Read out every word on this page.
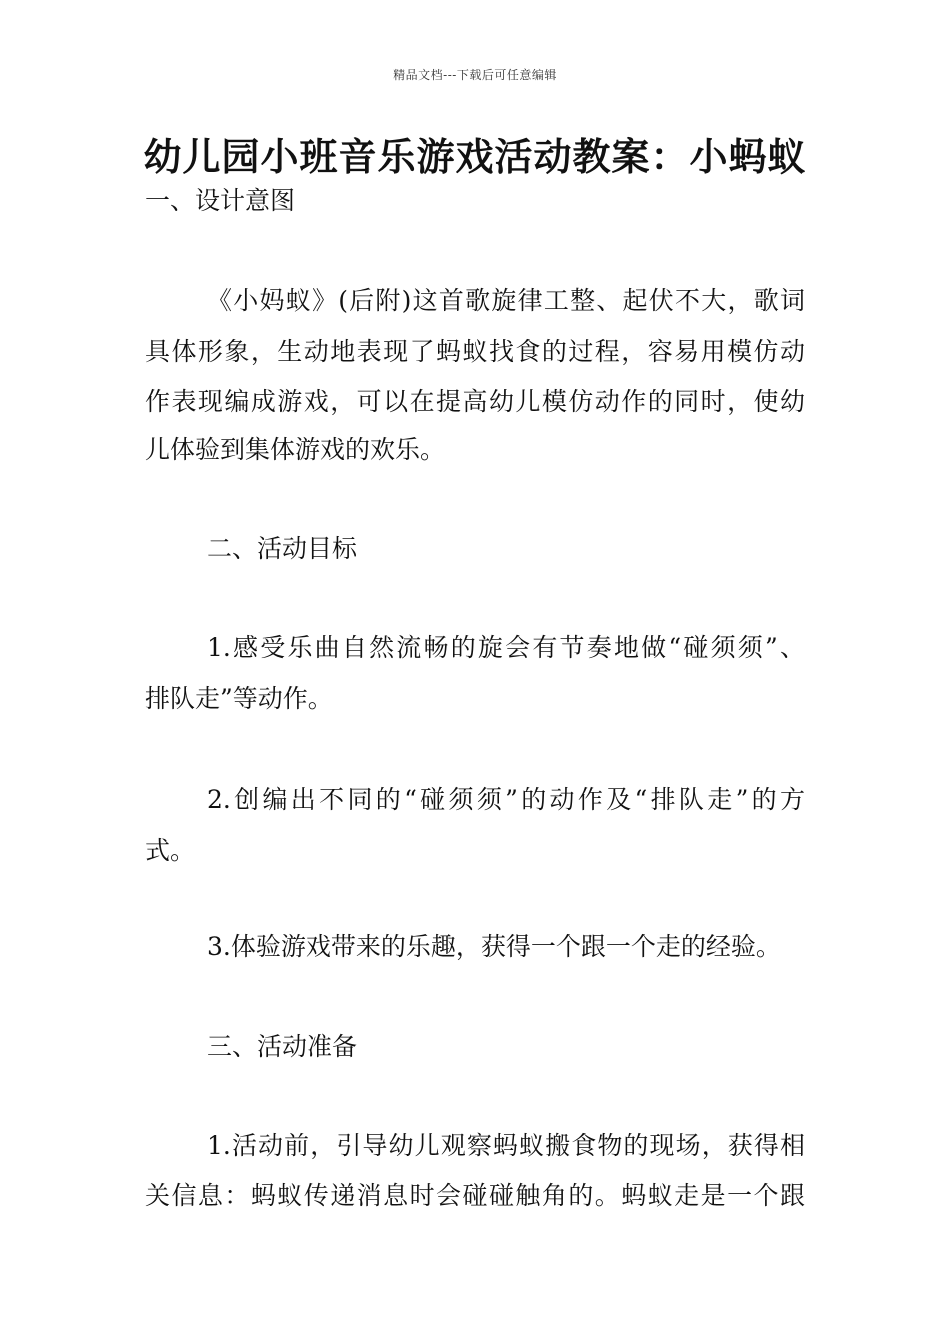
精品文档---下载后可任意编辑
幼儿园小班音乐游戏活动教案：小蚂蚁
一、设计意图
《小妈蚁》(后附)这首歌旋律工整、起伏不大，歌词
具体形象，生动地表现了蚂蚁找食的过程，容易用模仿动
作表现编成游戏，可以在提高幼儿模仿动作的同时，使幼
儿体验到集体游戏的欢乐。
二、活动目标
1.感受乐曲自然流畅的旋会有节奏地做“碰须须”、
排队走”等动作。
2.创编出不同的“碰须须”的动作及“排队走”的方
式。
3.体验游戏带来的乐趣，获得一个跟一个走的经验。
三、活动准备
1.活动前，引导幼儿观察蚂蚁搬食物的现场，获得相
关信息：蚂蚁传递消息时会碰碰触角的。蚂蚁走是一个跟
